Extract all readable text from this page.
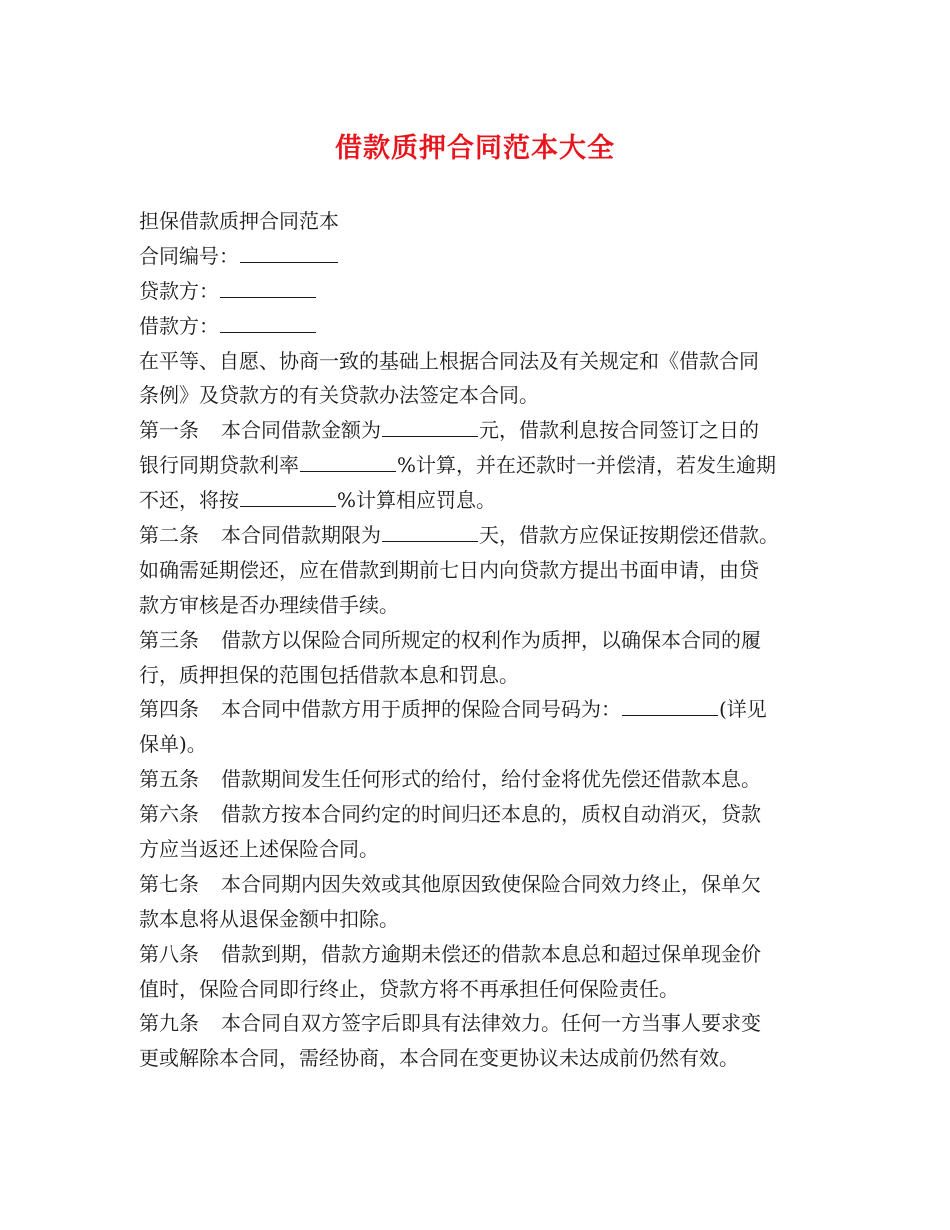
借款质押合同范本大全

担保借款质押合同范本

合同编号：

贷款方：

借款方：

在平等、自愿、协商一致的基础上根据合同法及有关规定和《借款合同

条例》及贷款方的有关贷款办法签定本合同。

第一条 本合同借款金额为	元，借款利息按合同签订之日的

银行同期贷款利率	%计算，并在还款时一并偿清，若发生逾期

不还，将按	%计算相应罚息。

第二条 本合同借款期限为	天，借款方应保证按期偿还借款。

如确需延期偿还，应在借款到期前七日内向贷款方提出书面申请，由贷

款方审核是否办理续借手续。

第三条 借款方以保险合同所规定的权利作为质押，以确保本合同的履

行，质押担保的范围包括借款本息和罚息。

第四条 本合同中借款方用于质押的保险合同号码为：	(详见

保单)。

第五条 借款期间发生任何形式的给付，给付金将优先偿还借款本息。

第六条 借款方按本合同约定的时间归还本息的，质权自动消灭，贷款

方应当返还上述保险合同。

第七条 本合同期内因失效或其他原因致使保险合同效力终止，保单欠

款本息将从退保金额中扣除。

第八条 借款到期，借款方逾期未偿还的借款本息总和超过保单现金价

值时，保险合同即行终止，贷款方将不再承担任何保险责任。

第九条 本合同自双方签字后即具有法律效力。任何一方当事人要求变

更或解除本合同，需经协商，本合同在变更协议未达成前仍然有效。
